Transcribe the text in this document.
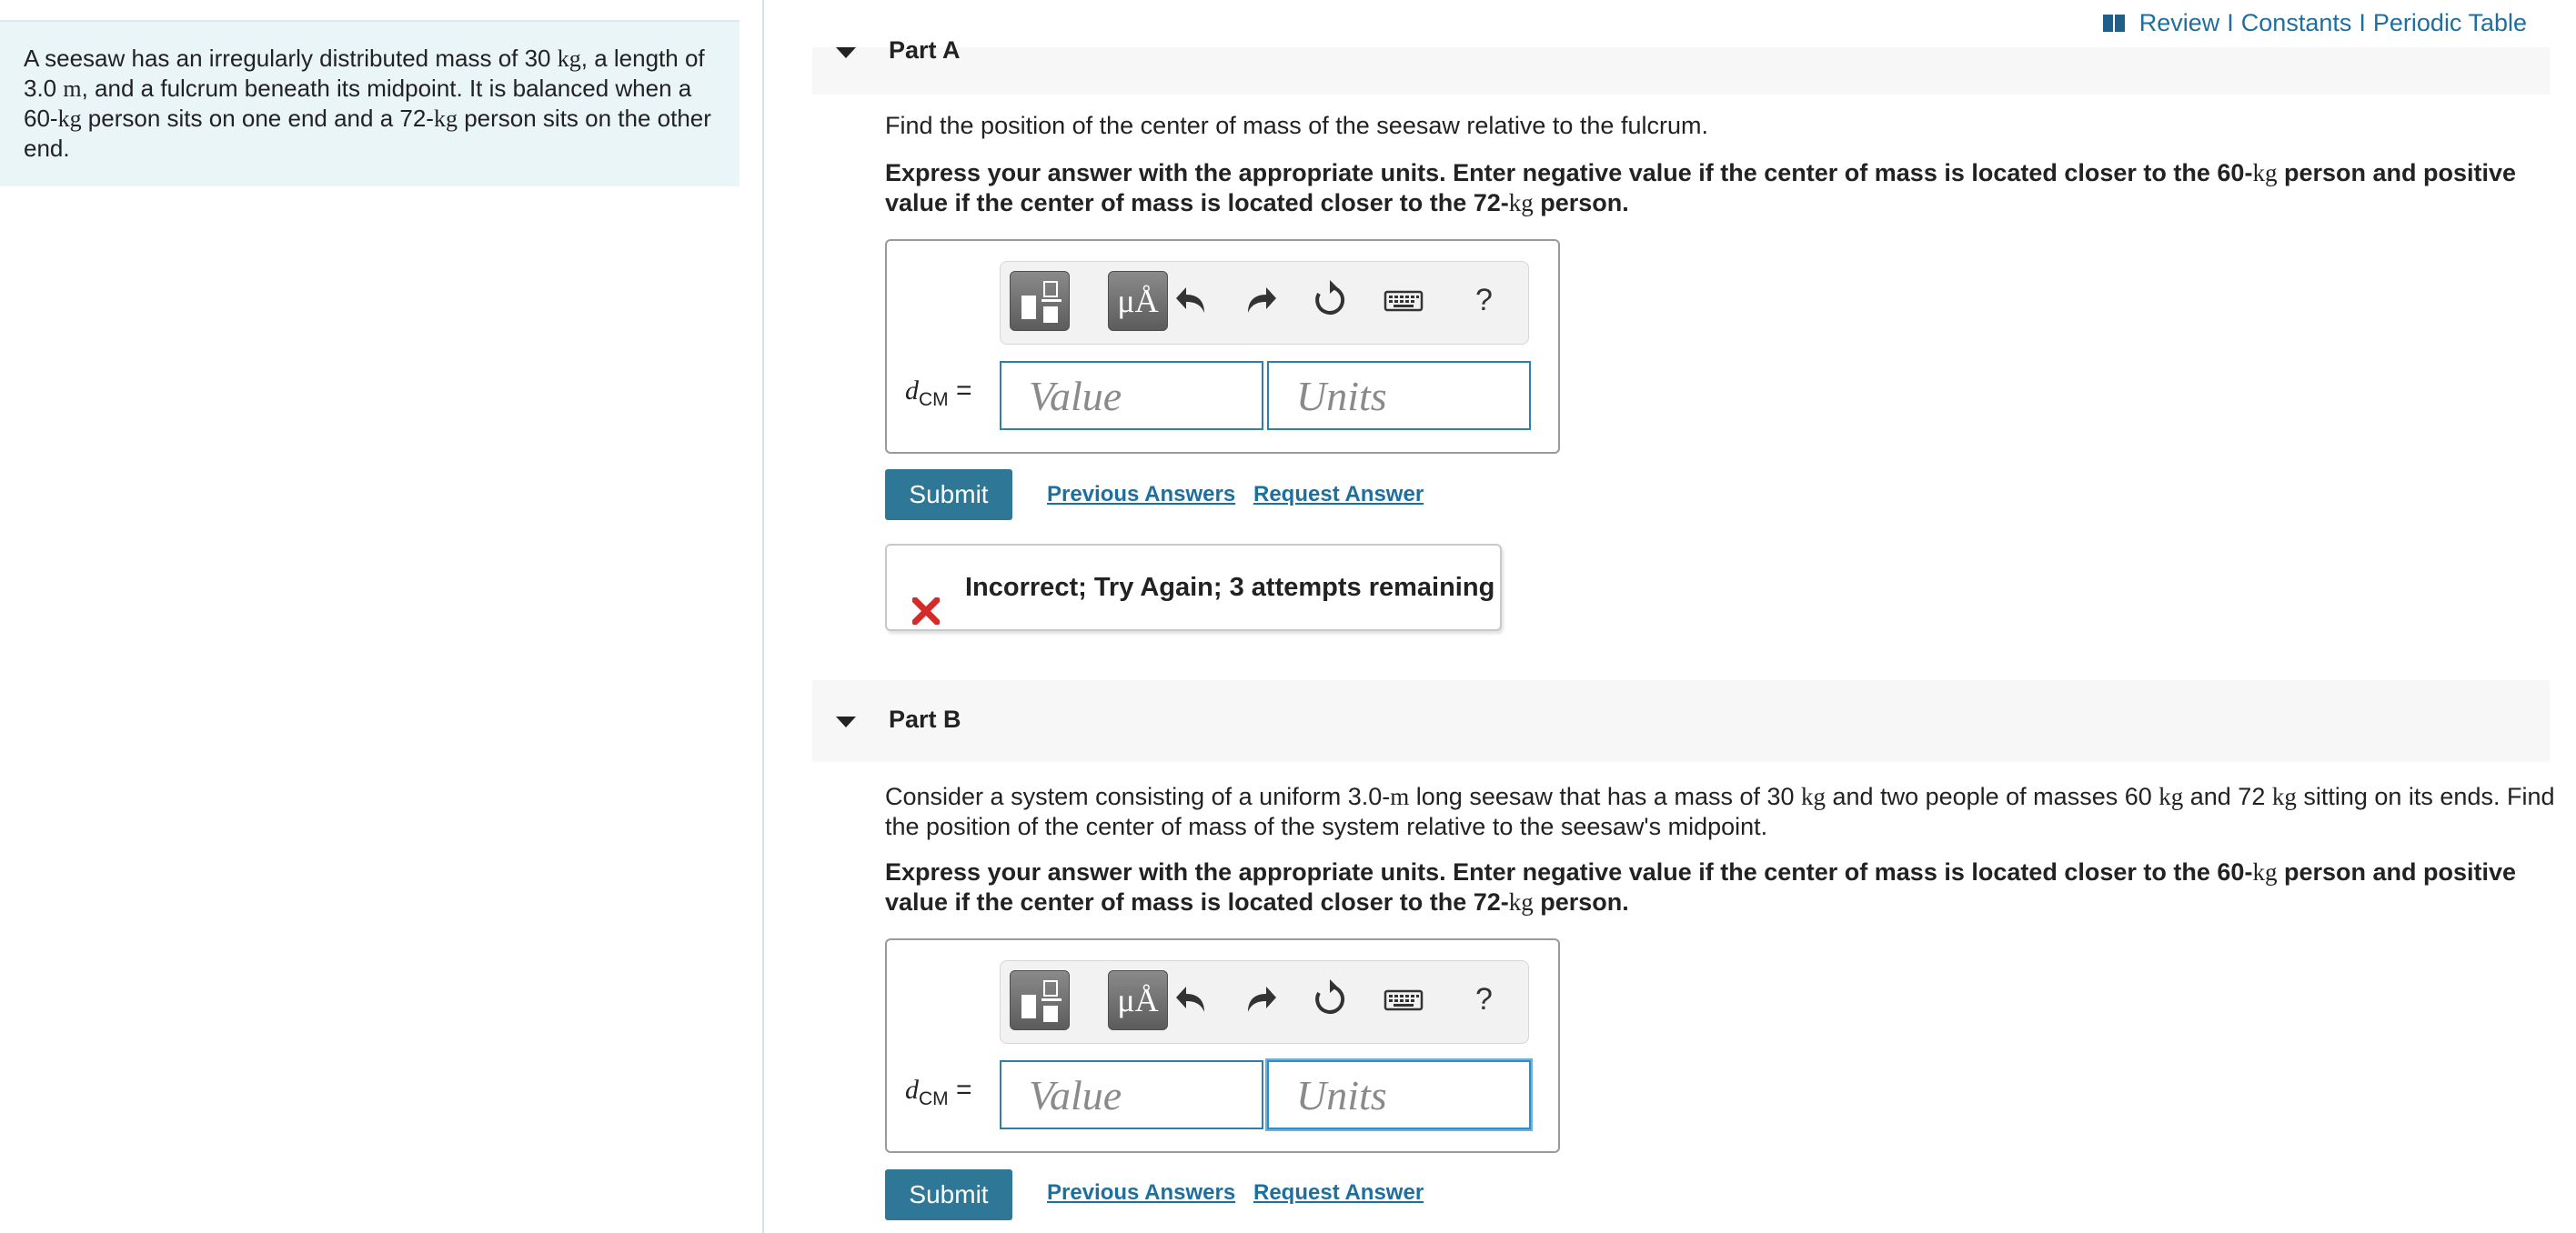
A seesaw has an irregularly distributed mass of 30 kg, a length of 3.0 m, and a fulcrum beneath its midpoint. It is balanced when a 60-kg person sits on one end and a 72-kg person sits on the other end.
Review I Constants I Periodic Table
Part A
Find the position of the center of mass of the seesaw relative to the fulcrum.
Express your answer with the appropriate units. Enter negative value if the center of mass is located closer to the 60-kg person and positive value if the center of mass is located closer to the 72-kg person.
μÅ	?
$d_{CM}$ =
Value
Units
Submit	Previous Answers Request Answer
Incorrect; Try Again; 3 attempts remaining
Part B
Consider a system consisting of a uniform 3.0-m long seesaw that has a mass of 30 kg and two people of masses 60 kg and 72 kg sitting on its ends. Find the position of the center of mass of the system relative to the seesaw's midpoint.
Express your answer with the appropriate units. Enter negative value if the center of mass is located closer to the 60-kg person and positive value if the center of mass is located closer to the 72-kg person.
μÅ	?
$d_{CM}$ =
Value
Units
Submit	Previous Answers Request Answer
